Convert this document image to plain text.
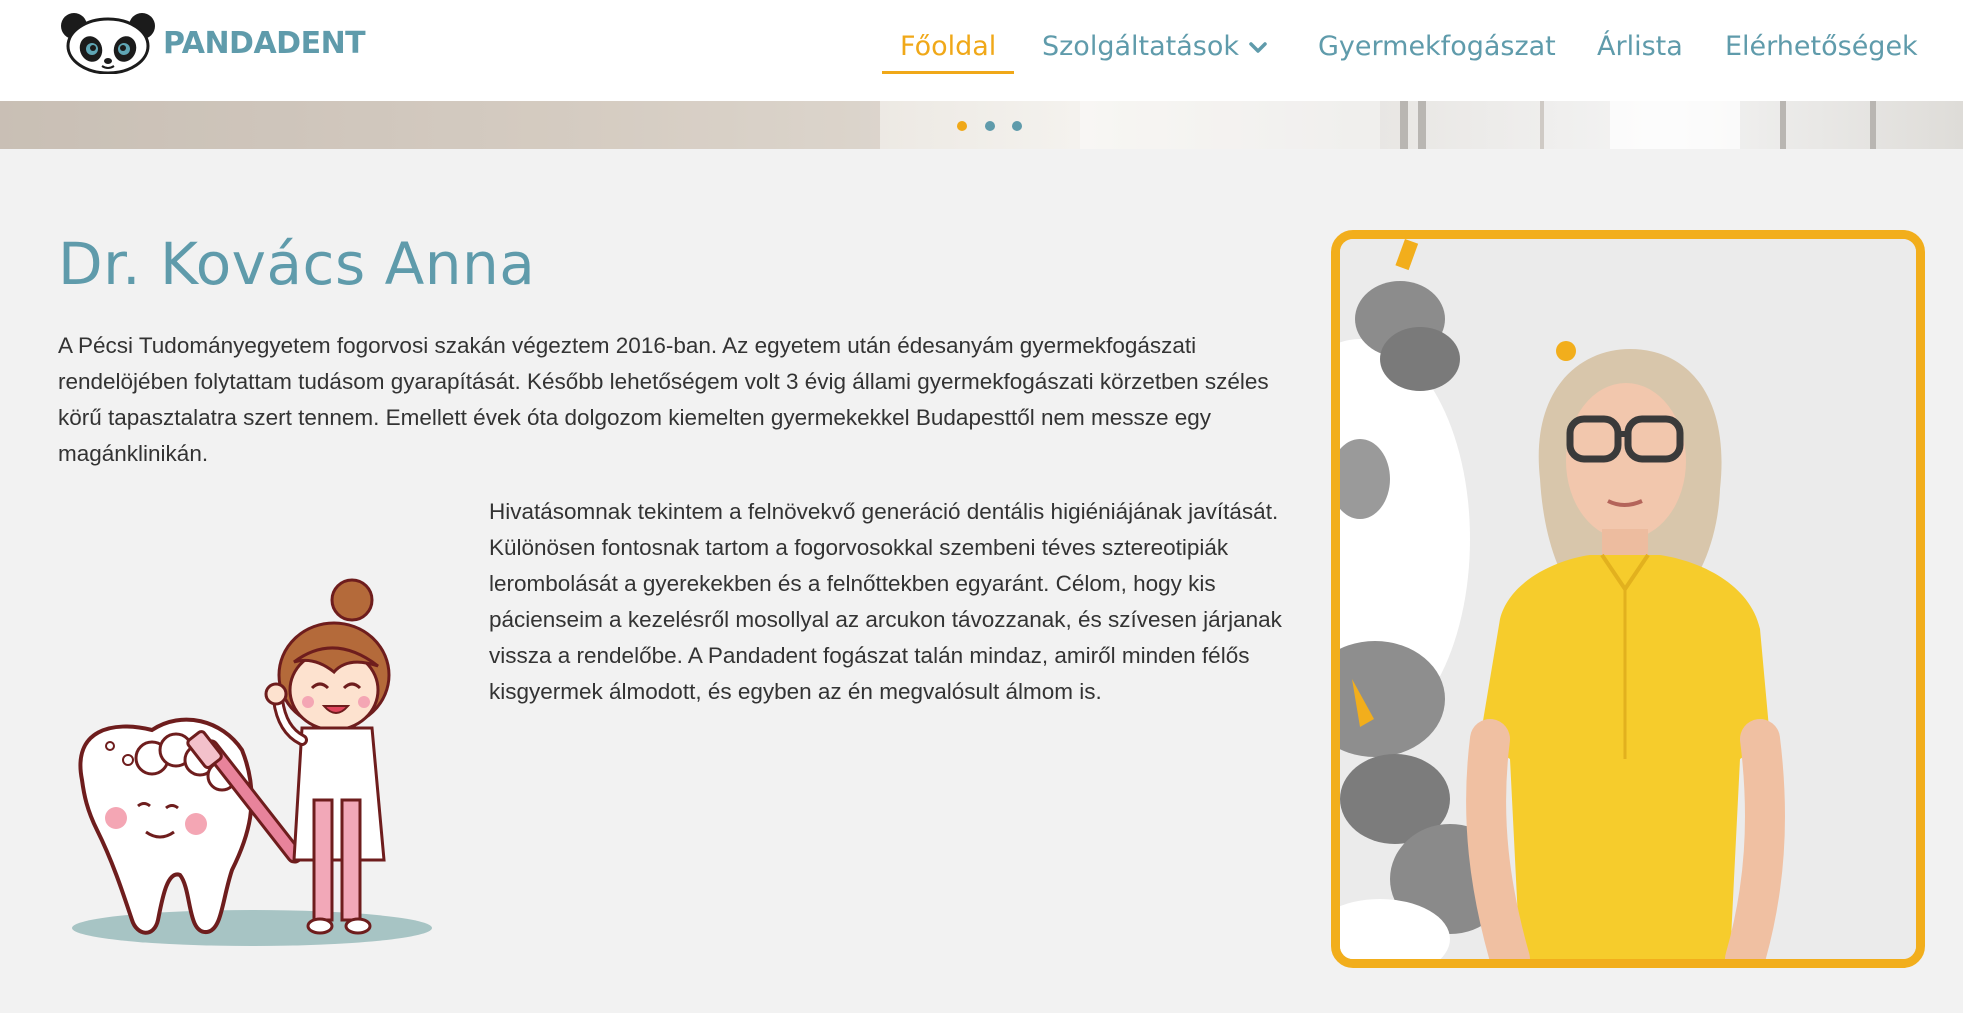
PANDADENT	Főoldal Szolgáltatások	Gyermekfogászat Árlista Elérhetőségek
Dr. Kovács Anna

A Pécsi Tudományegyetem fogorvosi szakán végeztem 2016-ban. Az egyetem után édesanyám gyermekfogászati rendelöjében folytattam tudásom gyarapítását. Később lehetőségem volt 3 évig állami gyermekfogászati körzetben széles körű tapasztalatra szert tennem. Emellett évek óta dolgozom kiemelten gyermekekkel Budapesttől nem messze egy magánklinikán.

Hivatásomnak tekintem a felnövekvő generáció dentális higiéniájának javítását. Különösen fontosnak tartom a fogorvosokkal szembeni téves sztereotipiák lerombolását a gyerekekben és a felnőttekben egyaránt. Célom, hogy kis pácienseim a kezelésről mosollyal az arcukon távozzanak, és szívesen járjanak vissza a rendelőbe. A Pandadent fogászat talán mindaz, amiről minden félős kisgyermek álmodott, és egyben az én megvalósult álmom is.
